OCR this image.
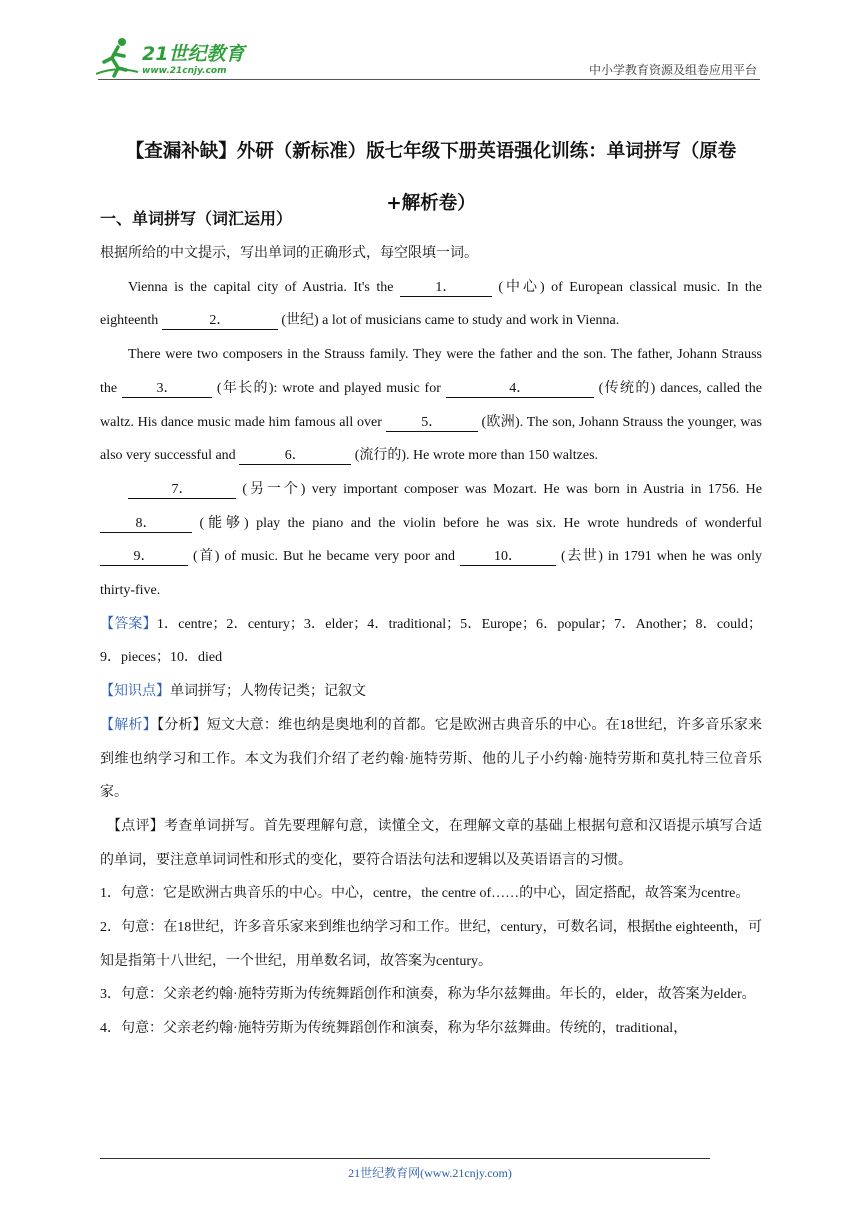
21世纪教育
www.21cnjy.com	中小学教育资源及组卷应用平台
【查漏补缺】外研（新标准）版七年级下册英语强化训练：单词拼写（原卷
+解析卷）
一、单词拼写（词汇运用）

根据所给的中文提示，写出单词的正确形式，每空限填一词。

Vienna is the capital city of Austria. It's the	1．	(中心) of European classical music. In the eighteenth	2．	(世纪) a lot of musicians came to study and work in Vienna.

There were two composers in the Strauss family. They were the father and the son. The father, Johann Strauss the	3．	(年长的): wrote and played music for	4．	(传统的) dances, called the waltz. His dance music made him famous all over	5．	(欧洲). The son, Johann Strauss the younger, was also very successful and	6．	(流行的). He wrote more than 150 waltzes.

7．	(另一个) very important composer was Mozart. He was born in Austria in 1756. He 8．	(能够) play the piano and the violin before he was six. He wrote hundreds of wonderful 9．	(首) of music. But he became very poor and	10．	(去世) in 1791 when he was only thirty-five.

【答案】1．centre；2．century；3．elder；4．traditional；5．Europe；6．popular；7．Another；8．could；9．pieces；10．died

【知识点】单词拼写；人物传记类；记叙文

【解析】【分析】短文大意：维也纳是奥地利的首都。它是欧洲古典音乐的中心。在18世纪，许多音乐家来到维也纳学习和工作。本文为我们介绍了老约翰·施特劳斯、他的儿子小约翰·施特劳斯和莫扎特三位音乐家。

【点评】考查单词拼写。首先要理解句意，读懂全文，在理解文章的基础上根据句意和汉语提示填写合适的单词，要注意单词词性和形式的变化，要符合语法句法和逻辑以及英语语言的习惯。

1．句意：它是欧洲古典音乐的中心。中心，centre，the centre of……的中心，固定搭配，故答案为centre。

2．句意：在18世纪，许多音乐家来到维也纳学习和工作。世纪，century，可数名词，根据the eighteenth，可知是指第十八世纪，一个世纪，用单数名词，故答案为century。

3．句意：父亲老约翰·施特劳斯为传统舞蹈创作和演奏，称为华尔兹舞曲。年长的，elder，故答案为elder。

4．句意：父亲老约翰·施特劳斯为传统舞蹈创作和演奏，称为华尔兹舞曲。传统的，traditional，

21世纪教育网(www.21cnjy.com)
